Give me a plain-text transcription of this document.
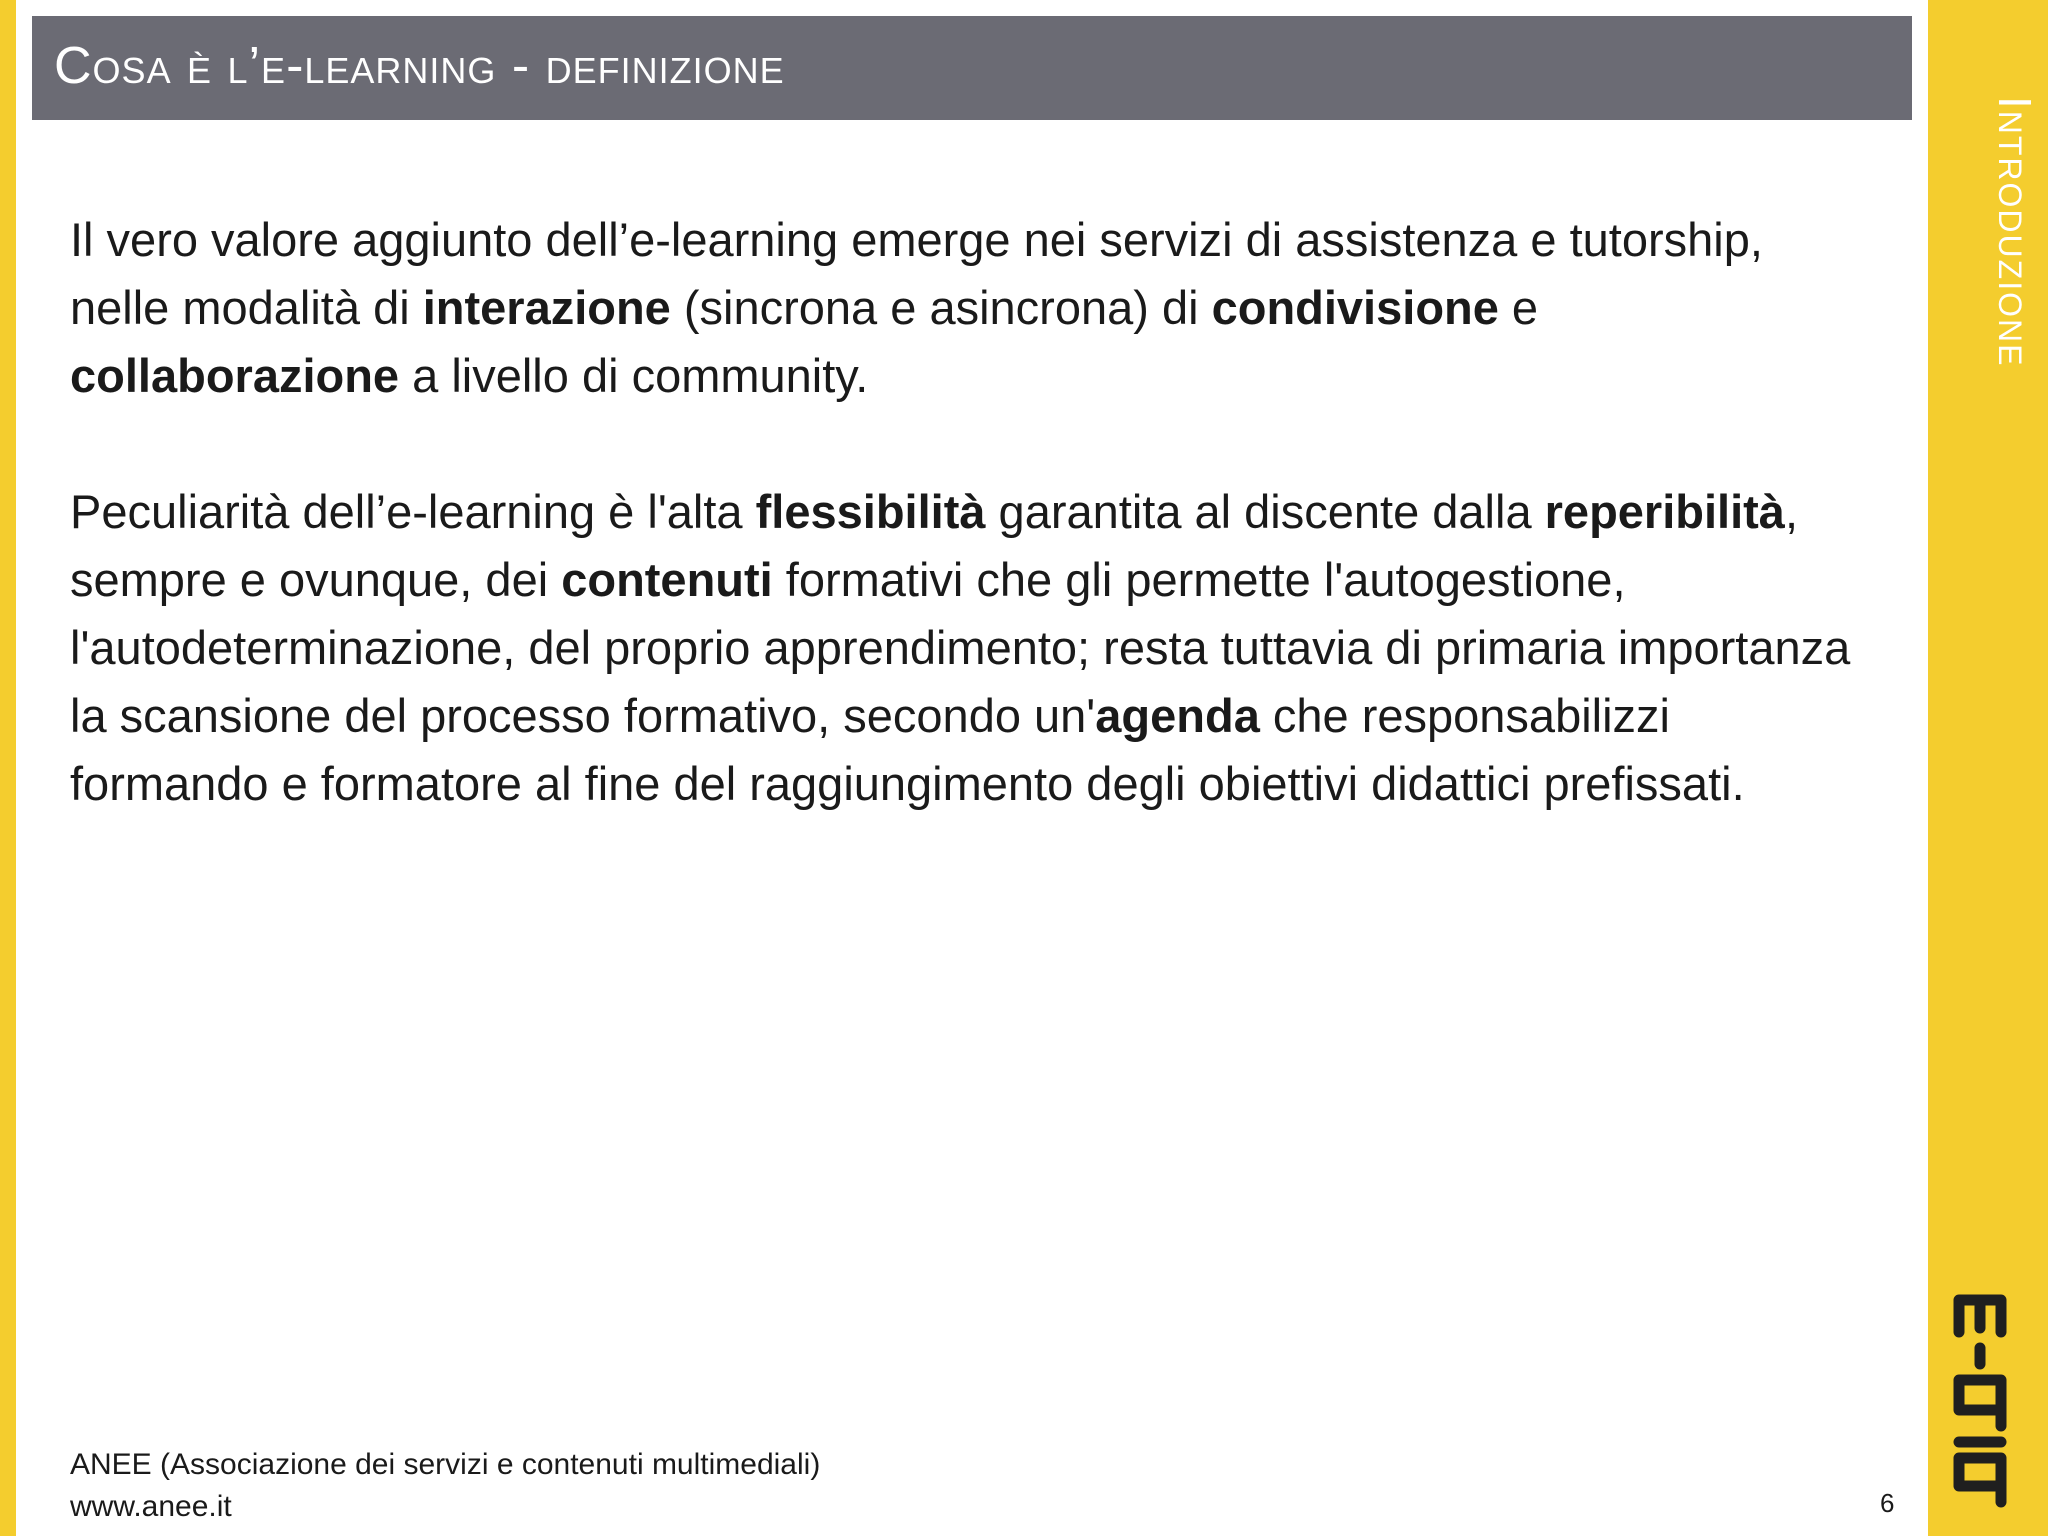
Cosa è l’e-learning - definizione
Introduzione

Il vero valore aggiunto dell’e-learning emerge nei servizi di assistenza e tutorship, nelle modalità di interazione (sincrona e asincrona) di condivisione e collaborazione a livello di community.

Peculiarità dell’e-learning è l'alta flessibilità garantita al discente dalla reperibilità, sempre e ovunque, dei contenuti formativi che gli permette l'autogestione, l'autodeterminazione, del proprio apprendimento; resta tuttavia di primaria importanza la scansione del processo formativo, secondo un'agenda che responsabilizzi formando e formatore al fine del raggiungimento degli obiettivi didattici prefissati.

ANEE (Associazione dei servizi e contenuti multimediali)
www.anee.it	6
